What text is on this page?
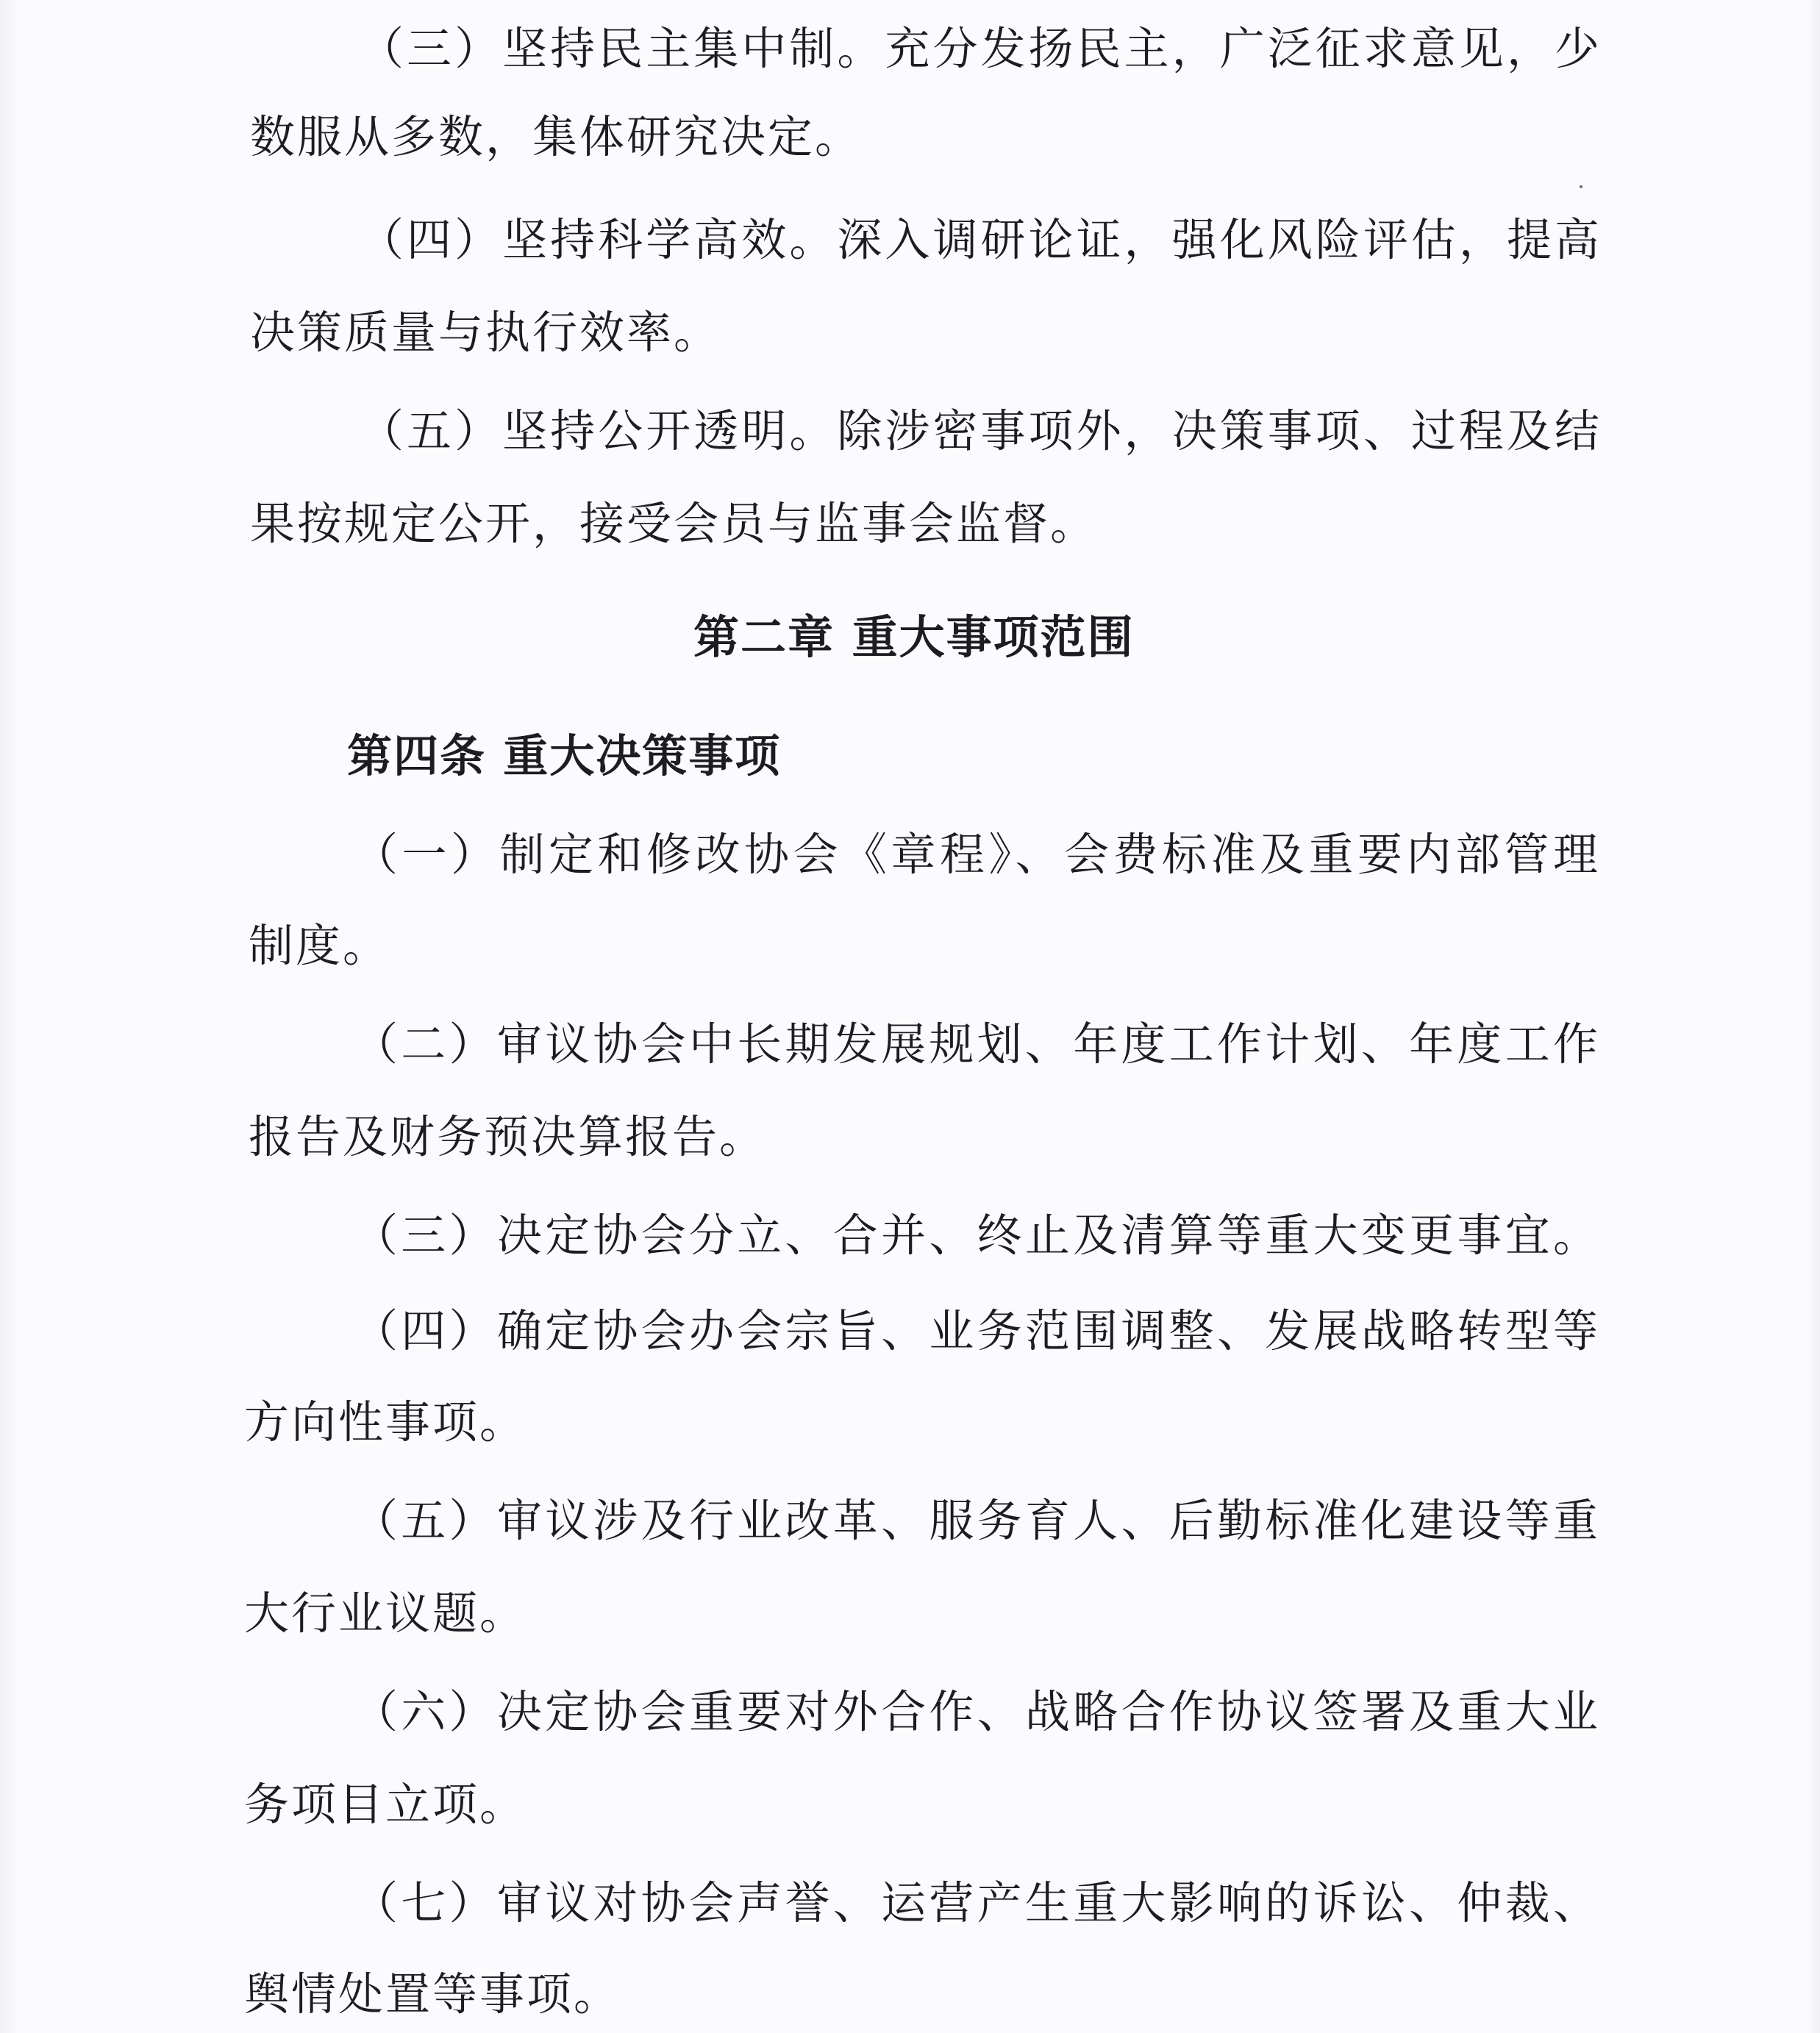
（三）坚持民主集中制。充分发扬民主，广泛征求意见，少

数服从多数，集体研究决定。

（四）坚持科学高效。深入调研论证，强化风险评估，提高

决策质量与执行效率。

（五）坚持公开透明。除涉密事项外，决策事项、过程及结

果按规定公开，接受会员与监事会监督。

第二章 重大事项范围
第四条 重大决策事项

（一）制定和修改协会《章程》、会费标准及重要内部管理

制度。

（二）审议协会中长期发展规划、年度工作计划、年度工作

报告及财务预决算报告。

（三）决定协会分立、合并、终止及清算等重大变更事宜。

（四）确定协会办会宗旨、业务范围调整、发展战略转型等

方向性事项。

（五）审议涉及行业改革、服务育人、后勤标准化建设等重

大行业议题。

（六）决定协会重要对外合作、战略合作协议签署及重大业

务项目立项。

（七）审议对协会声誉、运营产生重大影响的诉讼、仲裁、

舆情处置等事项。
